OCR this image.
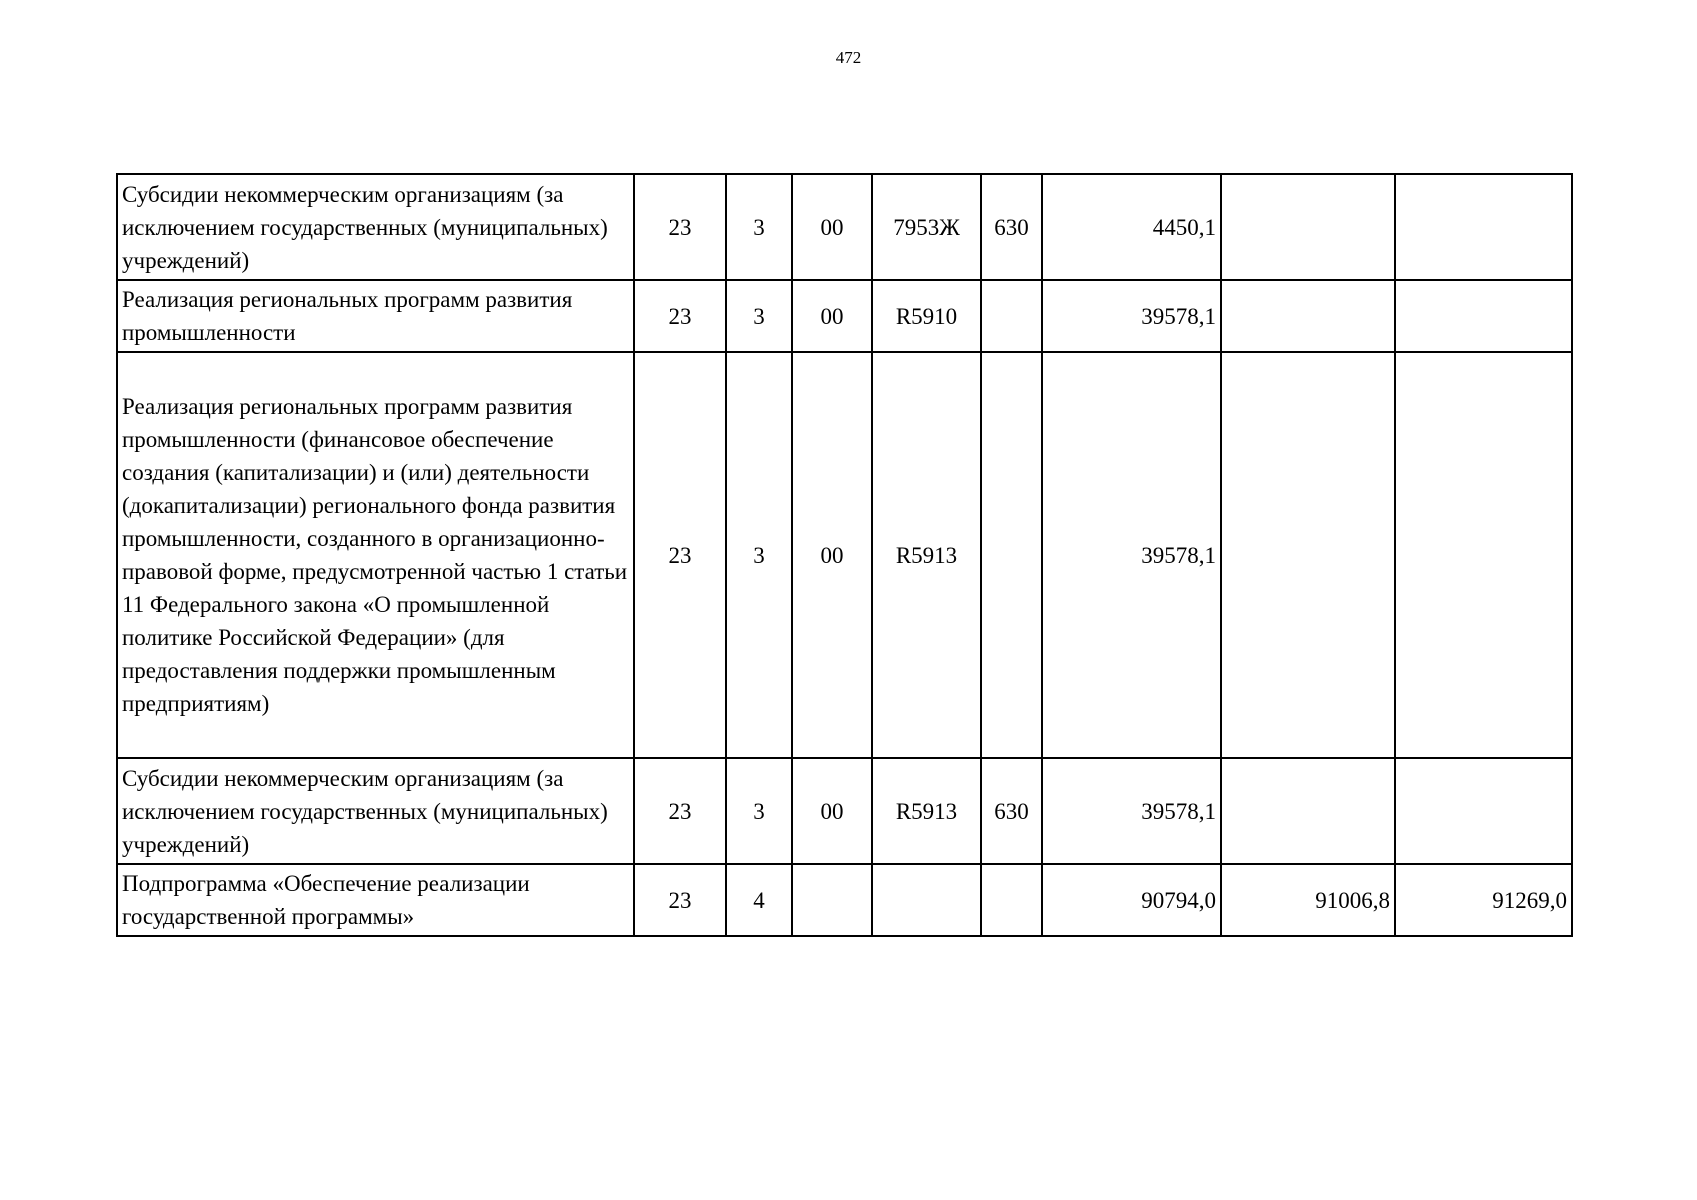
472
Субсидии некоммерческим организациям (за исключением государственных (муниципальных) учреждений)	23	3	00	7953Ж	630	4450,1		
Реализация региональных программ развития промышленности	23	3	00	R5910		39578,1		
Реализация региональных программ развития промышленности (финансовое обеспечение создания (капитализации) и (или) деятельности (докапитализации) регионального фонда развития промышленности, созданного в организационно-правовой форме, предусмотренной частью 1 статьи 11 Федерального закона «О промышленной политике Российской Федерации» (для предоставления поддержки промышленным предприятиям)	23	3	00	R5913		39578,1		
Субсидии некоммерческим организациям (за исключением государственных (муниципальных) учреждений)	23	3	00	R5913	630	39578,1		
Подпрограмма «Обеспечение реализации государственной программы»	23	4				90794,0	91006,8	91269,0
